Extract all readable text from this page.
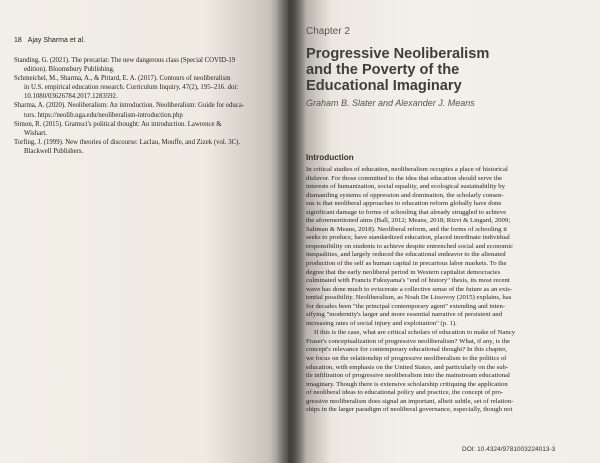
18 Ajay Sharma et al.
Standing, G. (2021). The precariat: The new dangerous class (Special COVID-19
edition). Bloomsbury Publishing.
Schmeichel, M., Sharma, A., & Pittard, E. A. (2017). Contours of neoliberalism
in U.S. empirical education research. Curriculum Inquiry, 47(2), 195–216. doi:
10.1080/03626784.2017.1283592.
Sharma, A. (2020). Neoliberalism: An introduction. Neoliberalism: Guide for educa-
tors. https://neolib.uga.edu/neoliberalism-introduction.php
Simon, R. (2015). Gramsci's political thought: An introduction. Lawrence &
Wishart.
Torfing, J. (1999). New theories of discourse: Laclau, Mouffe, and Zizek (vol. 3C).
Blackwell Publishers.
Chapter 2
Progressive Neoliberalism
and the Poverty of the
Educational Imaginary
Graham B. Slater and Alexander J. Means
Introduction
In critical studies of education, neoliberalism occupies a place of historical
disfavor. For those committed to the idea that education should serve the
interests of humanization, social equality, and ecological sustainability by
dismantling systems of oppression and domination, the scholarly consen-
sus is that neoliberal approaches to education reform globally have done
significant damage to forms of schooling that already struggled to achieve
the aforementioned aims (Ball, 2012; Means, 2018; Rizvi & Lingard, 2009;
Saltman & Means, 2018). Neoliberal reform, and the forms of schooling it
seeks to produce, have standardized education, placed inordinate individual
responsibility on students to achieve despite entrenched social and economic
inequalities, and largely reduced the educational endeavor to the alienated
production of the self as human capital in precarious labor markets. To the
degree that the early neoliberal period in Western capitalist democracies
culminated with Francis Fukuyama's "end of history" thesis, its most recent
wave has done much to eviscerate a collective sense of the future as an exis-
tential possibility. Neoliberalism, as Noah De Lissovoy (2015) explains, has
for decades been "the principal contemporary agent" extending and inten-
sifying "modernity's larger and more essential narrative of persistent and
increasing rates of social injury and exploitation" (p. 1).
If this is the case, what are critical scholars of education to make of Nancy
Fraser's conceptualization of progressive neoliberalism? What, if any, is the
concept's relevance for contemporary educational thought? In this chapter,
we focus on the relationship of progressive neoliberalism to the politics of
education, with emphasis on the United States, and particularly on the sub-
tle infiltration of progressive neoliberalism into the mainstream educational
imaginary. Though there is extensive scholarship critiquing the application
of neoliberal ideas to educational policy and practice, the concept of pro-
gressive neoliberalism does signal an important, albeit subtle, set of relation-
ships in the larger paradigm of neoliberal governance, especially, though not
DOI: 10.4324/9781003224013-3
